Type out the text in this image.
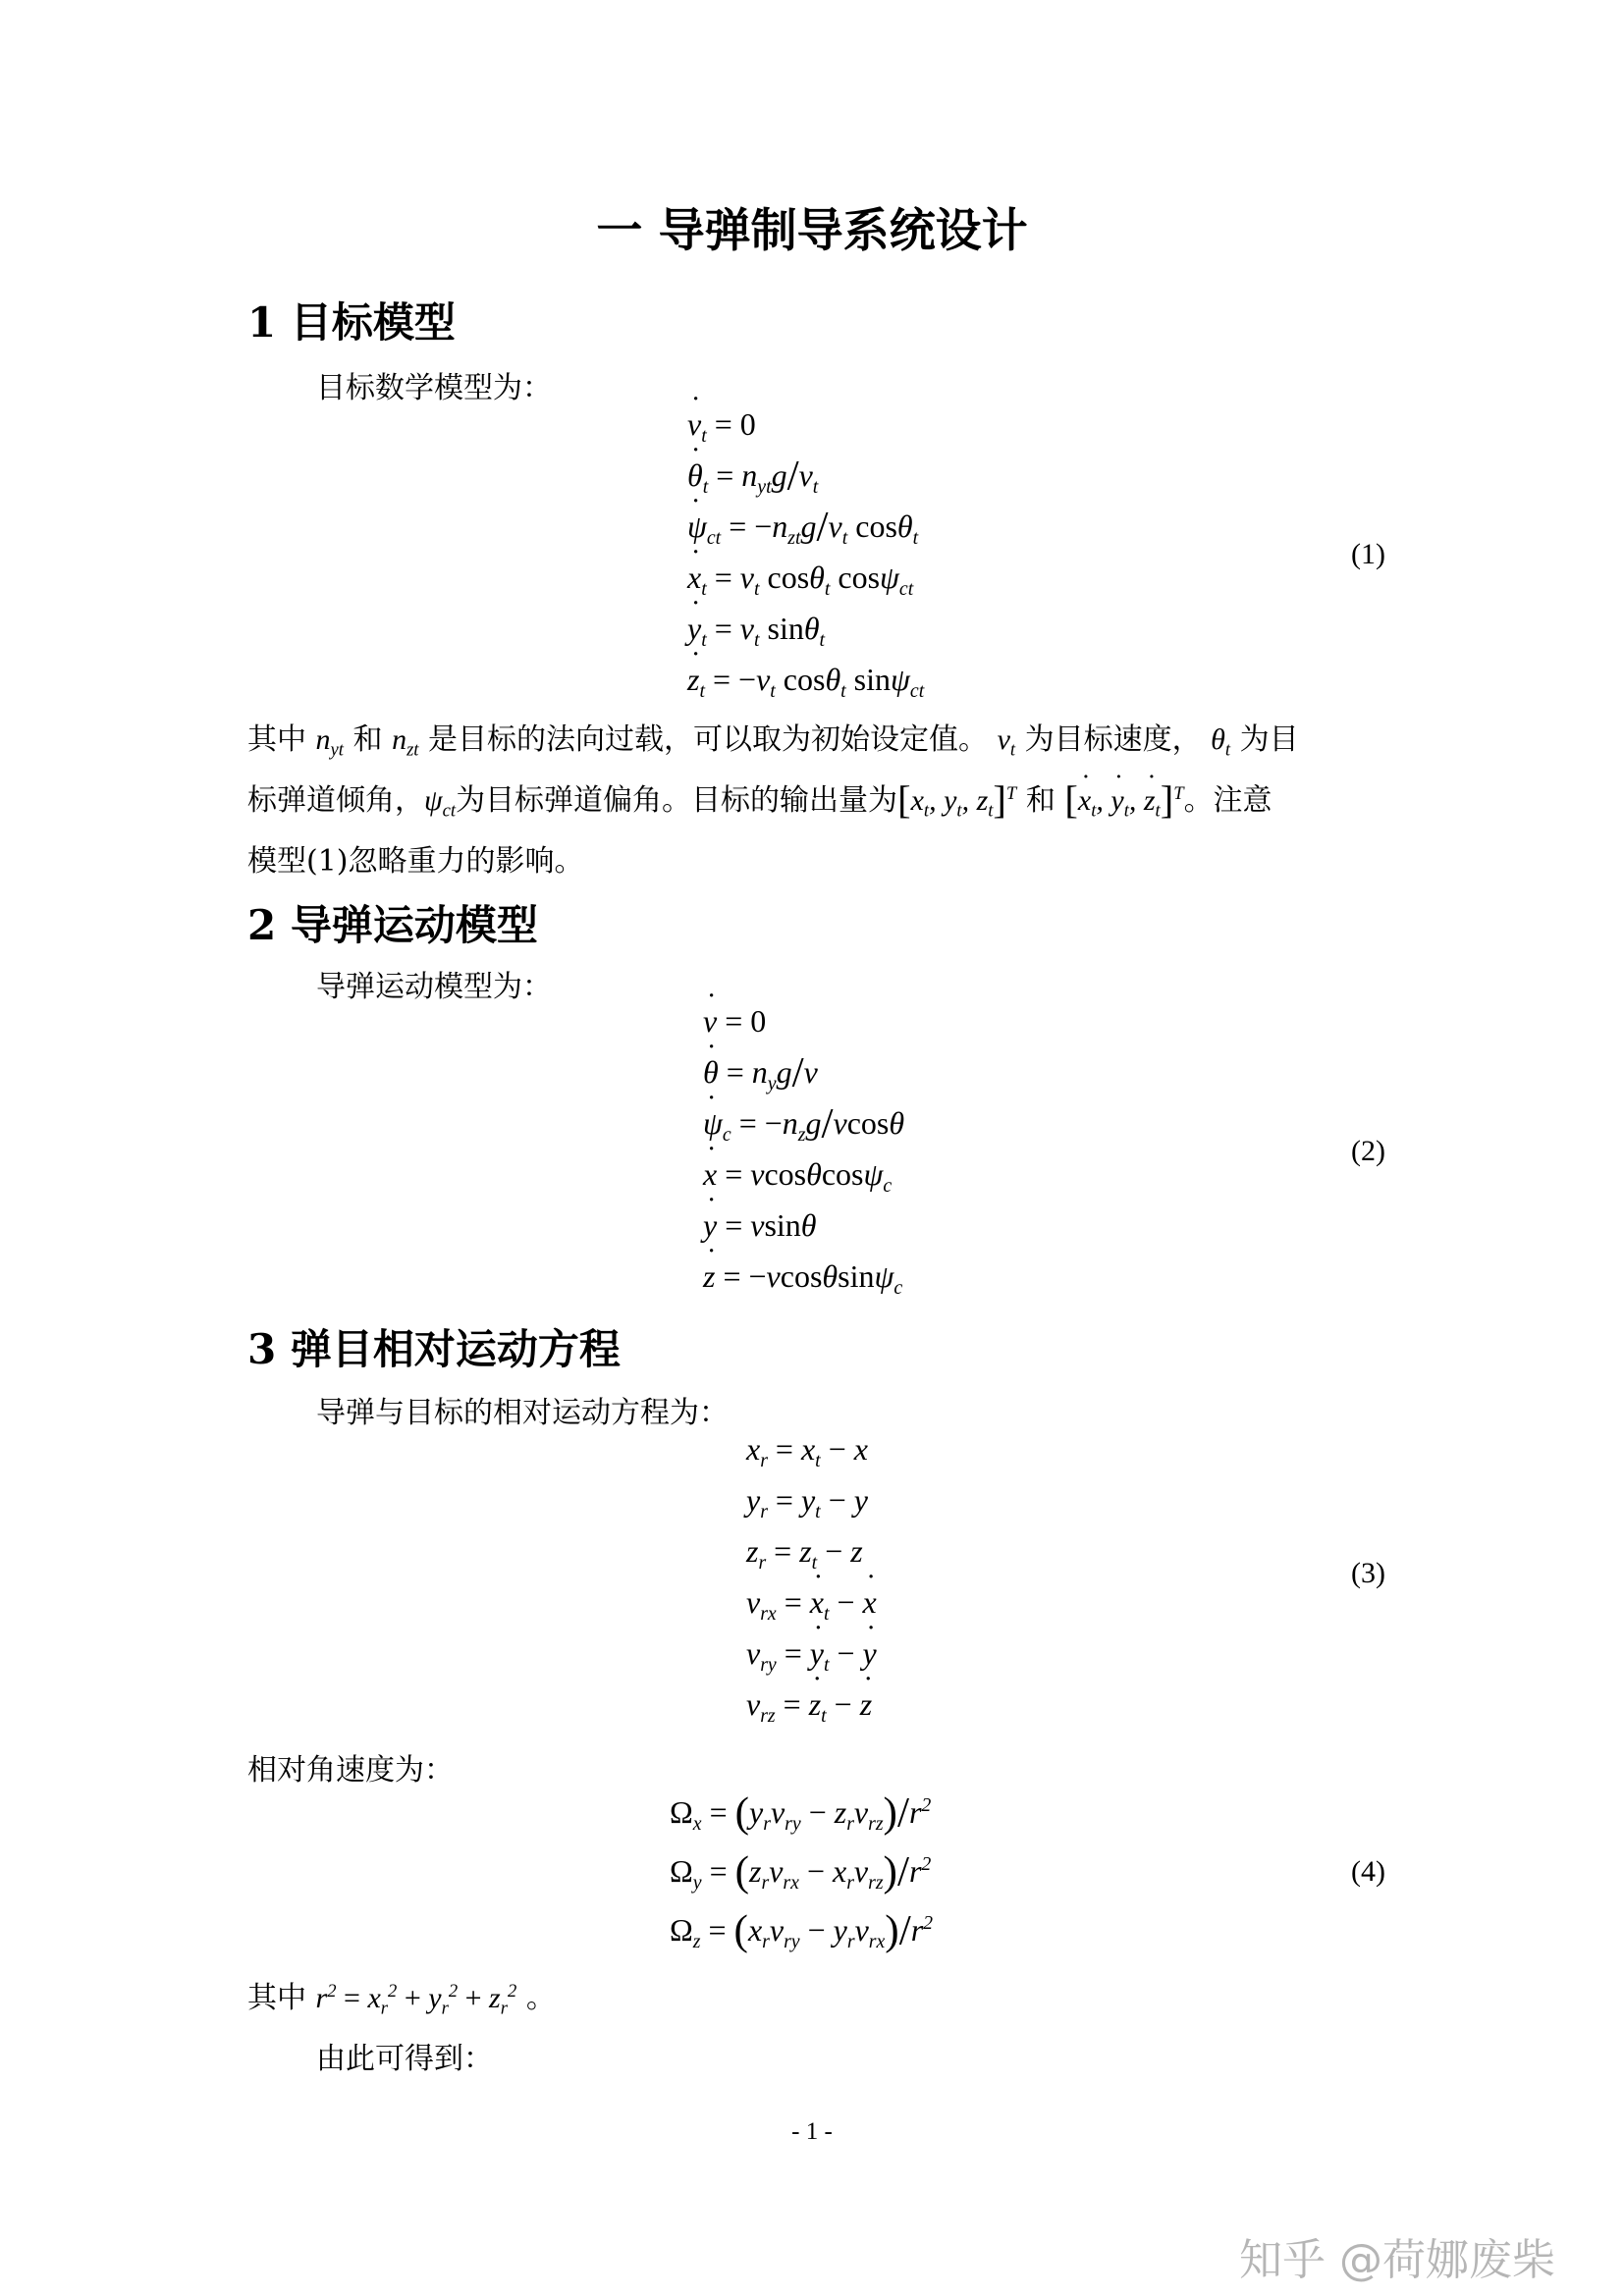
一 导弹制导系统设计
1 目标模型
目标数学模型为：
˙ $v_t = 0$
˙ $\theta_t = n_{yt}g/v_t$
˙ $\psi_{ct} = -n_{zt}g/v_t$ cosθ$_t$
˙ $x_t = v_t$ cosθ$_t$ cosψ$_{ct}$
˙ $y_t = v_t$ sinθ$_t$
˙ $z_t = -v_t$ cosθ$_t$ sinψ$_{ct}$
(1)
其中 $n_{yt}$ 和 $n_{zt}$ 是目标的法向过载，可以取为初始设定值。 $v_t$ 为目标速度， $\theta_t$ 为目
标弹道倾角，$\psi_{ct}$为目标弹道偏角。目标的输出量为[$x_t$, $y_t$, $z_t]^T$ 和 [˙ $x_t$, ˙ $y_t$, ˙ $z_t]^T$。注意
模型(1)忽略重力的影响。
2 导弹运动模型
导弹运动模型为：
˙ v = 0
˙ $\theta = n_yg/v$
˙ $\psi_c = -n_zg/vcos\theta$
˙ x = vcosθcosψ$_c$
˙ y = vsinθ
˙ z = −vcosθsinψ$_c$
(2)
3 弹目相对运动方程
导弹与目标的相对运动方程为：
$x_r = x_t - x$
$y_r = y_t - y$
$z_r = z_t - z$
$v_{rx}$ = ˙ $x_t$ − ˙ x
$v_{ry}$ = ˙ $y_t$ − ˙ y
$v_{rz}$ = ˙ $z_t$ − ˙ z
(3)
相对角速度为：
$\Omega_x = (y_rv_{ry} - z_rv_{rz})/r^2$
$\Omega_y = (z_rv_{rx} - x_rv_{rz})/r^2$
$\Omega_z = (x_rv_{ry} - y_rv_{rx})/r^2$
(4)
其中 $r^2 = x_r^2 + y_r^2 + z_r^2$ 。
由此可得到：
- 1 -
知乎 @荷娜废柴
